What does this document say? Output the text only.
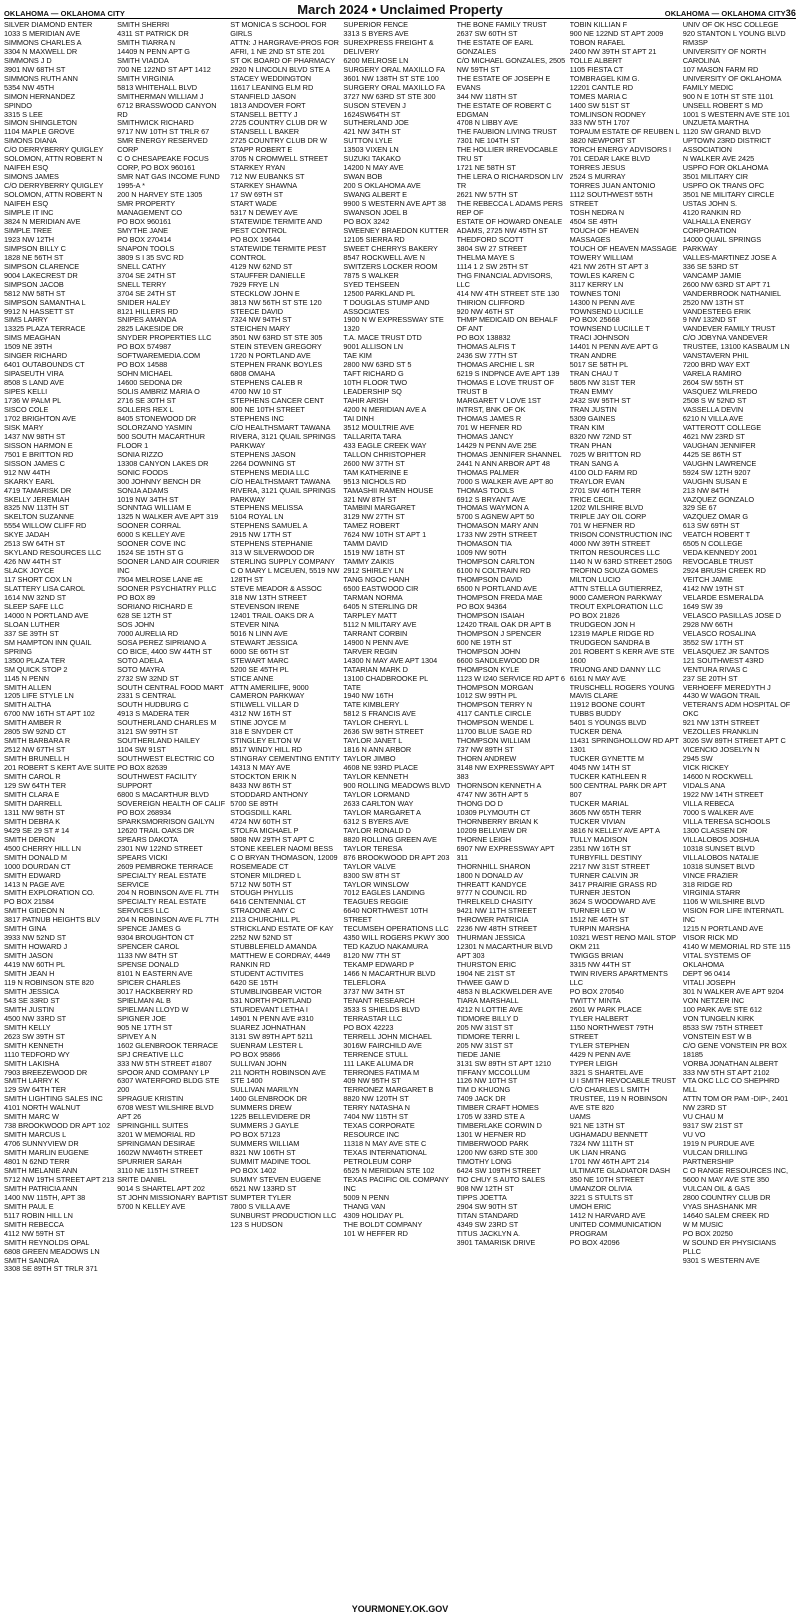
OKLAHOMA — OKLAHOMA CITY	March 2024 • Unclaimed Property	OKLAHOMA — OKLAHOMA CITY36
SILVER DIAMOND ENTER
1033 S MERIDIAN AVE
SIMMONS CHARLES A
3304 N MAXWELL DR
SIMMONS J D
3901 NW 68TH ST
SIMMONS RUTH ANN
5354 NW 45TH
SIMON HERNANDEZ
SPINDO
3315 S LEE
SIMON SHINGLETON
1104 MAPLE GROVE
SIMONS DIANA
C/O DERRYBERRY QUIGLEY SOLOMON, ATTN ROBERT N NAIFEH ESQ
SIMONS JAMES
C/O DERRYBERRY QUIGLEY SOLOMON, ATTN ROBERT N NAIFEH ESQ
SIMPLE IT INC
3824 N MERIDIAN AVE
SIMPLE TREE
1923 NW 12TH
SIMPSON BILLY C
1828 NE 56TH ST
SIMPSON CLARENCE
9004 LAKECREST DR
SIMPSON JACOB
5812 NW 58TH ST
SIMPSON SAMANTHA L
9912 N HASSETT ST
SIMS LARRY
13325 PLAZA TERRACE
SIMS MEAGHAN
1509 NE 39TH
SINGER RICHARD
6401 OUTABOUNDS CT
SIPASEUTH VIRA
8508 S LAND AVE
SIPES KELLI
1736 W PALM PL
SISCO COLE
1702 BRIGHTON AVE
SISK MARY
1437 NW 98TH ST
SISSON HARMON E
7501 E BRITTON RD
SISSON JAMES C
912 NW 44TH
SKARKY EARL
4719 TAMARISK DR
SKELLY JEREMIAH
8325 NW 113TH ST
SKELTON SUZANNE
5554 WILLOW CLIFF RD
SKYE JADAH
2513 SW 64TH ST
SKYLAND RESOURCES LLC
426 NW 44TH ST
SLACK JOYCE
117 SHORT COX LN
SLATTERY LISA CAROL
1614 NW 32ND ST
SLEEP SAFE LLC
14000 N PORTLAND AVE
SLOAN LUTHER
337 SE 39TH ST
SM HAMPTON INN QUAIL SPRING
13500 PLAZA TER
SM QUICK STOP 2
1145 N PENN
SMITH ALLEN
1205 LIFE STYLE LN
SMITH ALTHA
6700 NW 16TH ST APT 102
SMITH AMBER R
2805 SW 92ND CT
SMITH BARBARA R
2512 NW 67TH ST
SMITH BRUNELL H
201 ROBERT S KERT AVE SUITE
SMITH CAROL R
129 SW 64TH TER
SMITH CLARA E
SMITH DARRELL
1311 NW 98TH ST
SMITH DEBRA K
9429 SE 29 ST # 14
SMITH DERON
4500 CHERRY HILL LN
SMITH DONALD M
1000 DOURDAN CT
SMITH EDWARD
1413 N PAGE AVE
SMITH EXPLORATION CO.
PO BOX 21584
SMITH GIDEON N
3817 PATNUB HEIGHTS BLV
SMITH GINA
3933 NW 52ND ST
SMITH HOWARD J
SMITH JASON
4419 NW 60TH PL
SMITH JEAN H
119 N ROBINSON STE 820
SMITH JESSICA
543 SE 33RD ST
SMITH JUSTIN
4500 NW 33RD ST
SMITH KELLY
2623 SW 39TH ST
SMITH KENNETH
1110 TEDFORD WY
SMITH LAKISHA
7903 BREEZEWOOD DR
SMITH LARRY K
129 SW 64TH TER
SMITH LIGHTING SALES INC
4101 NORTH WALNUT
SMITH MARC W
738 BROOKWOOD DR APT 102
SMITH MARCUS L
4706 SUNNYVIEW DR
SMITH MARLIN EUGENE
4801 N 62ND TERR
SMITH MELANIE ANN
5712 NW 19TH STREET APT 213
SMITH PATRICIA ANN
1400 NW 115TH, APT 38
SMITH PAUL E
5117 ROBIN HILL LN
SMITH REBECCA
4112 NW 59TH ST
SMITH REYNOLDS OPAL
6808 GREEN MEADOWS LN
SMITH SANDRA
3308 SE 89TH ST TRLR 371
SMITH SHERRI
4311 ST PATRICK DR
SMITH TIARRA N
14409 N PENN APT G
SMITH VIADDA
700 NE 122ND ST APT 1412
SMITH VIRGINIA
5813 WHITEHALL BLVD
SMITHERMAN WILLIAM J
6712 BRASSWOOD CANYON RD
SMITHWICK RICHARD
9717 NW 10TH ST TRLR 67
SMR ENERGY RESERVED CORP
C O CHESAPEAKE FOCUS CORP, PO BOX 960161
SMR NAT GAS INCOME FUND 1995-A *
200 N HARVEY STE 1305
SMR PROPERTY MANAGEMENT CO
PO BOX 960161
SMYTHE JANE
PO BOX 270414
SNAPON TOOLS
3809 S I 35 SVC RD
SNELL CATHY
3704 SE 24TH ST
SNELL TERRY
3704 SE 24TH ST
SNIDER HALEY
8121 HILLERS RD
SNIPES AMANDA
2825 LAKESIDE DR
SNYDER PROPERTIES LLC
PO BOX 574987
SOFTWAREMEDIA.COM
PO BOX 14588
SOHN MICHAEL
14600 SEDONA DR
SOLIS AMBRIZ MARIA O
2716 SE 30TH ST
SOLLERS REX L
8405 STONEWOOD DR
SOLORZANO YASMIN
500 SOUTH MACARTHUR FLOOR 1
SONIA RIZZO
13308 CANYON LAKES DR
SONIC FOODS
300 JOHNNY BENCH DR
SONJA ADAMS
1019 NW 34TH ST
SONNTAG WILLIAM E
1325 N WALKER AVE APT 319
SOONER CORRAL
6000 S KELLEY AVE
SOONER COVE INC
1524 SE 15TH ST G
SOONER LAND AIR COURIER INC
7504 MELROSE LANE #E
SOONER PSYCHIATRY PLLC
PO BOX 89
SORIANO RICHARD E
628 SE 12TH ST
SOS JOHN
7000 AURELIA RD
SOSA PEREZ SIPRIANO A
CO BICE, 4400 SW 44TH ST
SOTO ADELA
SOTO MAYRA
2732 SW 32ND ST
SOUTH CENTRAL FOOD MART
2331 S CENTRAL
SOUTH HUDBURG C
4913 S MADERA TER
SOUTHERLAND CHARLES M
3121 SW 99TH ST
SOUTHERLAND HAILEY
1104 SW 91ST
SOUTHWEST ELECTRIC CO
PO BOX 82639
SOUTHWEST FACILITY SUPPORT
6800 S MACARTHUR BLVD
SOVEREIGN HEALTH OF CALIF
PO BOX 268934
SPARKSMORRISON GAILYN
12620 TRAIL OAKS DR
SPEARS DAKOTA
2301 NW 122ND STREET
SPEARS VICKI
2609 PEMBROKE TERRACE
SPECIALTY REAL ESTATE SERVICE
204 N ROBINSON AVE FL 7TH
SPECIALTY REAL ESTATE SERVICES LLC
204 N ROBINSON AVE FL 7TH
SPENCE JAMES G
9304 BROUGHTON CT
SPENCER CAROL
1133 NW 84TH ST
SPENSE DONALD
8101 N EASTERN AVE
SPICER CHARLES
3017 HACKBERRY RD
SPIELMAN AL B
SPIELMAN LLOYD W
SPIGNER JOE
905 NE 17TH ST
SPIVEY A N
1602 GLENBROOK TERRACE
SPJ CREATIVE LLC
333 NW 5TH STREET #1807
SPOOR AND COMPANY LP
6307 WATERFORD BLDG STE 200
SPRAGUE KRISTIN
6708 WEST WILSHIRE BLVD APT 26
SPRINGHILL SUITES
3201 W MEMORIAL RD
SPRINGMAN DESIRAE
1602W NW46TH STREET
SPURRIER SARAH
3110 NE 115TH STREET
SRITE DANIEL
9014 S SHARTEL APT 202
ST JOHN MISSIONARY BAPTIST
5700 N KELLEY AVE
ST MONICA S SCHOOL FOR GIRLS
ATTN: J HARGRAVE-PROS FOR AFRI, 1 NE 2ND ST STE 201
ST OK BOARD OF PHARMACY
2920 N LINCOLN BLVD STE A
STACEY WEDDINGTON
11617 LEANING ELM RD
STANFIELD JASON
1813 ANDOVER FORT
STANSELL BETTY J
2725 COUNTRY CLUB DR W
STANSELL L BAKER
2725 COUNTRY CLUB DR W
STAPP ROBERT E
3705 N CROMWELL STREET
STARKEY RYAN
712 NW EUBANKS ST
STARKEY SHAWNA
17 SW 69TH ST
START WADE
5317 N DEWEY AVE
STATEWIDE TERMITE AND PEST CONTROL
PO BOX 19644
STATEWIDE TERMITE PEST CONTROL
4129 NW 62ND ST
STAUFFER DANIELLE
7929 FRYE LN
STECKLOW JOHN E
3813 NW 56TH ST STE 120
STEECE DAVID
7324 NW 94TH ST
STEICHEN MARY
3501 NW 63RD ST STE 305
STEIN STEVEN GREGORY
1720 N PORTLAND AVE
STEPHEN FRANK BOYLES
6808 OMAHA
STEPHENS CALEB R
4700 NW 10 ST
STEPHENS CANCER CENT
800 NE 10TH STREET
STEPHENS INC
C/O HEALTHSMART TAWANA RIVERA, 3121 QUAIL SPRINGS PARKWAY
STEPHENS JASON
2264 DOWNING ST
STEPHENS MEDIA LLC
C/O HEALTHSMART TAWANA RIVERA, 3121 QUAIL SPRINGS PARKWAY
STEPHENS MELISSA
5104 ROYAL LN
STEPHENS SAMUEL A
2915 NW 17TH ST
STEPHENS STEPHANIE
313 W SILVERWOOD DR
STERLING SUPPLY COMPANY
C O MARY L MCEUEN, 5519 NW 128TH ST
STEVE MEADOR & ASSOC
318 NW 13TH STREET
STEVENSON IRENE
12401 TRAIL OAKS DR A
STEVER NINA
5016 N LINN AVE
STEWART JESSICA
6000 SE 66TH ST
STEWART MARC
5200 SE 45TH PL
STICE ANNE
ATTN AMERILIFE, 9000 CAMERON PARKWAY
STILWELL VILLAR D
4312 NW 16TH ST
STINE JOYCE M
318 E SNYDER CT
STINGLEY ELTON W
8517 WINDY HILL RD
STINGRAY CEMENTING ENTITY
14313 N MAY AVE
STOCKTON ERIK N
8433 NW 86TH ST
STODDARD ANTHONY
5700 SE 89TH
STOGSDILL KARL
4724 NW 60TH ST
STOLFA MICHAEL P
5808 NW 29TH ST APT C
STONE KEELER NAOMI BESS
C O BRYAN THOMASON, 12009 ROSEMEADE CT
STONER MILDRED L
5712 NW 50TH ST
STOUGH PHYLLIS
6416 CENTENNIAL CT
STRADONE AMY C
2113 CHURCHILL PL
STRICKLAND ESTATE OF KAY
2252 NW 52ND ST
STUBBLEFIELD AMANDA
MATTHEW E CORDRAY, 4449 RANKIN RD
STUDENT ACTIVITES
6420 SE 15TH
STUMBLINGBEAR VICTOR
531 NORTH PORTLAND
STURDEVANT LETHA I
14901 N PENN AVE #310
SUAREZ JOHNATHAN
3131 SW 89TH APT 5211
SUENRAM LESTER L
PO BOX 95866
SULLIVAN JOHN
211 NORTH ROBINSON AVE STE 1400
SULLIVAN MARILYN
1400 GLENBROOK DR
SUMMERS DREW
1225 BELLEVIDERE DR
SUMMERS J GAYLE
PO BOX 57123
SUMMERS WILLIAM
8321 NW 106TH ST
SUMMIT MADINE TOOL
PO BOX 1402
SUMMY STEVEN EUGENE
6521 NW 133RD ST
SUMPTER TYLER
7800 S VILLA AVE
SUNBURST PRODUCTION LLC
123 S HUDSON
SUPERIOR FENCE
3313 S BYERS AVE
SUREXPRESS FREIGHT & DELIVERY
6200 MELROSE LN
SURGERY ORAL MAXILLO FA
3601 NW 138TH ST STE 100
SURGERY ORAL MAXILLO FA
3727 NW 63RD ST STE 300
SUSON STEVEN J
1624SW64TH ST
SUTHERLAND JOE
421 NW 34TH ST
SUTTON LYLE
13503 VIXEN LN
SUZUKI TAKAKO
14200 N MAY AVE
SWAN BOB
200 S OKLAHOMA AVE
SWANG ALBERT E
9900 S WESTERN AVE APT 38
SWANSON JOEL B
PO BOX 3242
SWEENEY BRAEDON KUTTER
12105 SIERRA RD
SWEET CHERRYS BAKERY
8547 ROCKWELL AVE N
SWITZERS LOCKER ROOM
7875 S WALKER
SYED TEHSEEN
12500 PARKLAND PL
T DOUGLAS STUMP AND ASSOCIATES
1900 N W EXPRESSWAY STE 1320
T.A. MACE TRUST DTD
9001 ALLISON LN
TAE KIM
2800 NW 63RD ST 5
TAFT RICHARD G
10TH FLOOR TWO LEADERSHIP SQ
TAHIR ARISH
4200 N MERIDIAN AVE A
TAI DINH
3512 MOULTRIE AVE
TALLARITA TARA
433 EAGLE CREEK WAY
TALLON CHRISTOPHER
2600 NW 37TH ST
TAM KATHERINE E
9513 NICHOLS RD
TAMASHII RAMEN HOUSE
321 NW 8TH ST
TAMBINI MARGARET
3129 NW 27TH ST
TAMEZ ROBERT
7624 NW 10TH ST APT 1
TAMM DAVID
1519 NW 18TH ST
TAMMY ZAIKIS
2912 SHIRLEY LN
TANG NGOC HANH
6500 EASTWOOD CIR
TARMAN NORMA
6405 N STERLING DR
TARPLEY MATT
5112 N MILITARY AVE
TARRANT CORBIN
14900 N PENN AVE
TARVER REGIN
14300 N MAY AVE APT 1304
TATARIAN MARK D
13100 CHADBROOKE PL
TATE
1940 NW 16TH
TATE KIMBLERY
5812 S FRANCIS AVE
TAYLOR CHERYL L
2636 SW 98TH STREET
TAYLOR JANET L
1816 N ANN ARBOR
TAYLOR JIMBO
4608 NE 93RD PLACE
TAYLOR KENNETH
900 ROLLING MEADOWS BLVD
TAYLOR LORMAND
2633 CARLTON WAY
TAYLOR MARGARET A
6312 S BYERS AVE
TAYLOR RONALD D
8820 ROLLING GREEN AVE
TAYLOR TERESA
876 BROOKWOOD DR APT 203
TAYLOR VALVE
8300 SW 8TH ST
TAYLOR WINSLOW
7012 EAGLES LANDING
TEAGUES REGGIE
6640 NORTHWEST 10TH STREET
TECUMSEH OPERATIONS LLC
4350 WILL ROGERS PKWY 300
TED KAZUO NAKAMURA
8120 NW 7TH ST
TEKAMP EDWARD P
1466 N MACARTHUR BLVD
TELEFLORA
3737 NW 34TH ST
TENANT RESEARCH
3533 S SHIELDS BLVD
TERRASTAR LLC
PO BOX 42223
TERRELL JOHN MICHAEL
3016W FAIRCHILD AVE
TERRENCE STULL
111 LAKE ALUMA DR
TERRONES FATIMA M
409 NW 95TH ST
TERRONEZ MARGARET B
8820 NW 120TH ST
TERRY NATASHA N
7404 NW 115TH ST
TEXAS CORPORATE RESOURCE INC
11318 N MAY AVE STE C
TEXAS INTERNATIONAL PETROLEUM CORP
6525 N MERIDIAN STE 102
TEXAS PACIFIC OIL COMPANY INC
5009 N PENN
THANG VAN
4309 HOLIDAY PL
THE BOLDT COMPANY
101 W HEFFER RD
THE BONE FAMILY TRUST
2637 SW 60TH ST
THE ESTATE OF EARL GONZALES
C/O MICHAEL GONZALES, 2505 NW 59TH ST
THE ESTATE OF JOSEPH E EVANS
344 NW 118TH ST
THE ESTATE OF ROBERT C EDGMAN
4708 N LIBBY AVE
THE FAUBION LIVING TRUST
7301 NE 104TH ST
THE HOLLIER IRREVOCABLE TRU ST
1721 NE 58TH ST
THE LERA O RICHARDSON LIV TR
2621 NW 57TH ST
THE REBECCA L ADAMS PERS REP OF
ESTATE OF HOWARD ONEALE ADAMS, 2725 NW 45TH ST
THEDFORD SCOTT
3804 SW 27 STREET
THELMA MAYE S
1114 1 2 SW 25TH ST
THG FINANCIAL ADVISORS, LLC
414 NW 4TH STREET STE 130
THIRION CLIFFORD
920 NW 46TH ST
THMP MEDICAID ON BEHALF OF ANT
PO BOX 138832
THOMAS ALFIS T
2436 SW 77TH ST
THOMAS ARCHIE L SR
6219 S INDPNCE AVE APT 139
THOMAS E LOVE TRUST OF TRUST B
MARGARET V LOVE 1ST INTRST, BNK OF OK
THOMAS JAMES R
701 W HEFNER RD
THOMAS JANCY
14429 N PENN AVE 25E
THOMAS JENNIFER SHANNEL
2441 N ANN ARBOR APT 48
THOMAS PALMER
7000 S WALKER AVE APT 80
THOMAS TOOLS
6912 S BRYANT AVE
THOMAS WAYMON A
5700 S AGNEW APT 50
THOMASON MARY ANN
1733 NW 29TH STREET
THOMASON TIA
1009 NW 90TH
THOMPSON CARLTON
6100 N COLTRAIN RD
THOMPSON DAVID
6500 N PORTLAND AVE
THOMPSON FREDA MAE
PO BOX 94364
THOMPSON ISAIAH
12420 TRAIL OAK DR APT B
THOMPSON J SPENCER
600 NE 19TH ST
THOMPSON JOHN
6600 SANDLEWOOD DR
THOMPSON KYLE
1123 W I240 SERVICE RD APT 6
THOMPSON MORGAN
1012 SW 99TH PL
THOMPSON TERRY N
4117 CANTLE CIRCLE
THOMPSON WENDE L
11700 BLUE SAGE RD
THOMPSON WILLIAM
737 NW 89TH ST
THORN ANDREW
3148 NW EXPRESSWAY APT 383
THORNSON KENNETH A
4747 NW 36TH APT 5
THONG DO D
10309 PLYMOUTH CT
THORNBERRY BRIAN K
10209 BELLVIEW DR
THORNE LEIGH
6907 NW EXPRESSWAY APT 311
THORNHILL SHARON
1800 N DONALD AV
THREATT KANDYCE
9777 N COUNCIL RD
THRELKELD CHASITY
9421 NW 11TH STREET
THROWER PATRICIA
2236 NW 48TH STREET
THURMAN JESSICA
12301 N MACARTHUR BLVD APT 303
THURSTON ERIC
1904 NE 21ST ST
THWEE GAW D
4853 N BLACKWELDER AVE
TIARA MARSHALL
4212 N LOTTIE AVE
TIDMORE BILLY D
205 NW 31ST ST
TIDMORE TERRI L
205 NW 31ST ST
TIEDE JANIE
3131 SW 89TH ST APT 1210
TIFFANY MCCOLLUM
1126 NW 10TH ST
TIM D KHUONG
7409 JACK DR
TIMBER CRAFT HOMES
1705 W 33RD STE A
TIMBERLAKE CORWIN D
1301 W HEFNER RD
TIMBERWOOD PARK
1200 NW 63RD STE 300
TIMOTHY LONG
6424 SW 109TH STREET
TIO CHUY S AUTO SALES
908 NW 12TH ST
TIPPS JOETTA
2904 SW 90TH ST
TITAN STANDARD
4349 SW 23RD ST
TITUS JACKLYN A.
3901 TAMARISK DRIVE
TOBIN KILLIAN F
900 NE 122ND ST APT 2009
TOBON RAFAEL
2400 NW 39TH ST APT 21
TOLLE ALBERT
1105 FIESTA CT
TOMBRAGEL KIM G.
12201 CANTLE RD
TOMES MARIA C
1400 SW 51ST ST
TOMLINSON RODNEY
333 NW 5TH 1707
TOPAUM ESTATE OF REUBEN L
3820 NEWPORT ST
TORCH ENERGY ADVISORS I
701 CEDAR LAKE BLVD
TORRES JESUS
2524 S MURRAY
TORRES JUAN ANTONIO
1112 SOUTHWEST 55TH STREET
TOSH NEDRA N
4504 SE 49TH
TOUCH OF HEAVEN MASSAGES
TOUCH OF HEAVEN MASSAGE
TOWERY WILLIAM
421 NW 26TH ST APT 3
TOWLES KAREN C
3117 KERRY LN
TOWNES TONI
14300 N PENN AVE
TOWNSEND LUCILLE
PO BOX 25668
TOWNSEND LUCILLE T
TRACI JOHNSON
14401 N PENN AVE APT G
TRAN ANDRE
5017 SE 58TH PL
TRAN CHAU T
5805 NW 31ST TER
TRAN EMMY
2432 SW 95TH ST
TRAN JUSTIN
5309 GAINES
TRAN KIM
8320 NW 72ND ST
TRAN PHAN
7025 W BRITTON RD
TRAN SANG A
4100 OLD FARM RD
TRAYLOR EVAN
2701 SW 46TH TERR
TRICE CECIL
1202 WILSHIRE BLVD
TRIPLE JAY OIL CORP
701 W HEFNER RD
TRISON CONSTRUCTION INC
4000 NW 39TH STREET
TRITON RESOURCES LLC
1140 N W 63RD STREET 250G
TROFINO SOUZA GOMES MILTON LUCIO
ATTN STELLA GUTIERREZ, 9000 CAMERON PARKWAY
TROUT EXPLORATION LLC
PO BOX 21826
TRUDGEON JON H
12319 MAPLE RIDGE RD
TRUDGEON SANDRA B
201 ROBERT S KERR AVE STE 1600
TRUONG AND DANNY LLC
6161 N MAY AVE
TRUSCHELL ROGERS YOUNG MAVIS CLARE
11912 BOONE COURT
TUBBS BUDDY
5401 S YOUNGS BLVD
TUCKER DENA
11431 SPRINGHOLLOW RD APT 1301
TUCKER GYNETTE M
4045 NW 14TH ST
TUCKER KATHLEEN R
500 CENTRAL PARK DR APT 807
TUCKER MARIAL
3605 NW 65TH TERR
TUCKER VIVIAN
3816 N KELLEY AVE APT A
TULLY MADISON
2351 NW 16TH ST
TURBYFILL DESTINY
2217 NW 31ST STREET
TURNER CALVIN JR
3417 PRAIRIE GRASS RD
TURNER JESTON
3624 S WOODWARD AVE
TURNER LEO W
1512 NE 46TH ST
TURPIN MARSHA
10321 WEST RENO MAIL STOP OKM 211
TWIGGS BRIAN
3315 NW 44TH ST
TWIN RIVERS APARTMENTS LLC
PO BOX 270540
TWITTY MINTA
2601 W PARK PLACE
TYLER HALBERT
1150 NORTHWEST 79TH STREET
TYLER STEPHEN
4429 N PENN AVE
TYPER LEIGH
3321 S SHARTEL AVE
U I SMITH REVOCABLE TRUST
C/O CHARLES L SMITH TRUSTEE, 119 N ROBINSON AVE STE 820
UAMS
921 NE 13TH ST
UGHAMADU BENNETT
7324 NW 111TH ST
UK LIAN HRANG
1701 NW 46TH APT 214
ULTIMATE GLADIATOR DASH
350 NE 10TH STREET
UMANZOR OLIVIA
3221 S STULTS ST
UMOH ERIC
1412 N HARVARD AVE
UNITED COMMUNICATION PROGRAM
PO BOX 42096
UNIV OF OK HSC COLLEGE
920 STANTON L YOUNG BLVD RM3SP
UNIVERSITY OF NORTH CAROLINA
107 MASON FARM RD
UNIVERSITY OF OKLAHOMA FAMILY MEDIC
900 N E 10TH ST STE 1101
UNSELL ROBERT S MD
1001 S WESTERN AVE STE 101
UNZUETA MARTHA
1120 SW GRAND BLVD
UPTOWN 23RD DISTRICT ASSOCIATION
N WALKER AVE 2425
USPFO FOR OKLAHOMA
3501 MILITARY CIR
USPFO OK TRANS OFC
3501 NE MILITARY CIRCLE
USTAS JOHN S.
4120 RANKIN RD
VALHALLA ENERGY CORPORATION
14000 QUAIL SPRINGS PARKWAY
VALLES-MARTINEZ JOSE A
336 SE 53RD ST
VANCAMP JAMIE
2600 NW 63RD ST APT 71
VANDERBROOK NATHANIEL
2520 NW 13TH ST
VANDESTEEG ERIK
9 NW 132ND ST
VANDEVER FAMILY TRUST
C/O JOBYNA VANDEVER TRUSTEE, 13100 KASBAUM LN
VANSTAVERN PHIL
7200 BRD WAY EXT
VARELA RAMIRO
2604 SW 55TH ST
VASQUEZ WILFREDO
2508 S W 52ND ST
VASSELLA DEVIN
6210 N VILLA AVE
VATTEROTT COLLEGE
4621 NW 23RD ST
VAUGHAN JENNIFER
4425 SE 86TH ST
VAUGHN LAWRENCE
5924 SW 12TH 9207
VAUGHN SUSAN E
213 NW 84TH
VAZQUEZ GONZALO
329 SE 67
VAZQUEZ OMAR G
613 SW 69TH ST
VEATCH ROBERT T
6505 N COLLEGE
VEDA KENNEDY 2001 REVOCABLE TRUST
2924 BRUSH CREEK RD
VEITCH JAMIE
4142 NW 19TH ST
VELARDE ESMERALDA
1649 SW 39
VELASCO PASILLAS JOSE D
2928 NW 66TH
VELASCO ROSALINA
3552 SW 17TH ST
VELASQUEZ JR SANTOS
121 SOUTHWEST 43RD
VENTURA RIVAS C
237 SE 20TH ST
VERHOEFF MEREDYTH J
4430 W WAGON TRAIL
VETERAN'S ADM HOSPITAL OF OKC
921 NW 13TH STREET
VEZOLLES FRANKLIN
3026 SW 89TH STREET APT C
VICENCIO JOSELYN N
2945 SW
VICK RICKEY
14600 N ROCKWELL
VIDALS ANA
1922 NW 14TH STREET
VILLA REBECA
7000 S WALKER AVE
VILLA TERESA SCHOOLS
1300 CLASSEN DR
VILLALOBOS JOSHUA
10318 SUNSET BLVD
VILLALOBOS NATALIE
10318 SUNSET BLVD
VINCE FRAZIER
318 RIDGE RD
VIRGINIA STARR
1106 W WILSHIRE BLVD
VISION FOR LIFE INTERNATL INC
1215 N PORTLAND AVE
VISOR RICK MD
4140 W MEMORIAL RD STE 115
VITAL SYSTEMS OF OKLAHOMA
DEPT 96 0414
VITALI JOSEPH
301 N WALKER AVE APT 9204
VON NETZER INC
100 PARK AVE STE 612
VON TUNGELN KIRK
8533 SW 75TH STREET
VONSTEIN EST W B
C/O GENE VONSTEIN PR BOX 18185
VORBA JONATHAN ALBERT
333 NW 5TH ST APT 2102
VTA OKC LLC CO SHEPHRD MLL
ATTN TOM OR PAM -DIP-, 2401 NW 23RD ST
VU CHAU M
9317 SW 21ST ST
VU VO
1919 N PURDUE AVE
VULCAN DRILLING PARTNERSHIP
C O RANGE RESOURCES INC, 5600 N MAY AVE STE 350
VULCAN OIL & GAS
2800 COUNTRY CLUB DR
VYAS SHASHANK MR
14640 SALEM CREEK RD
W M MUSIC
PO BOX 20250
W SOUND ER PHYSICIANS PLLC
9301 S WESTERN AVE
YOURMONEY.OK.GOV
